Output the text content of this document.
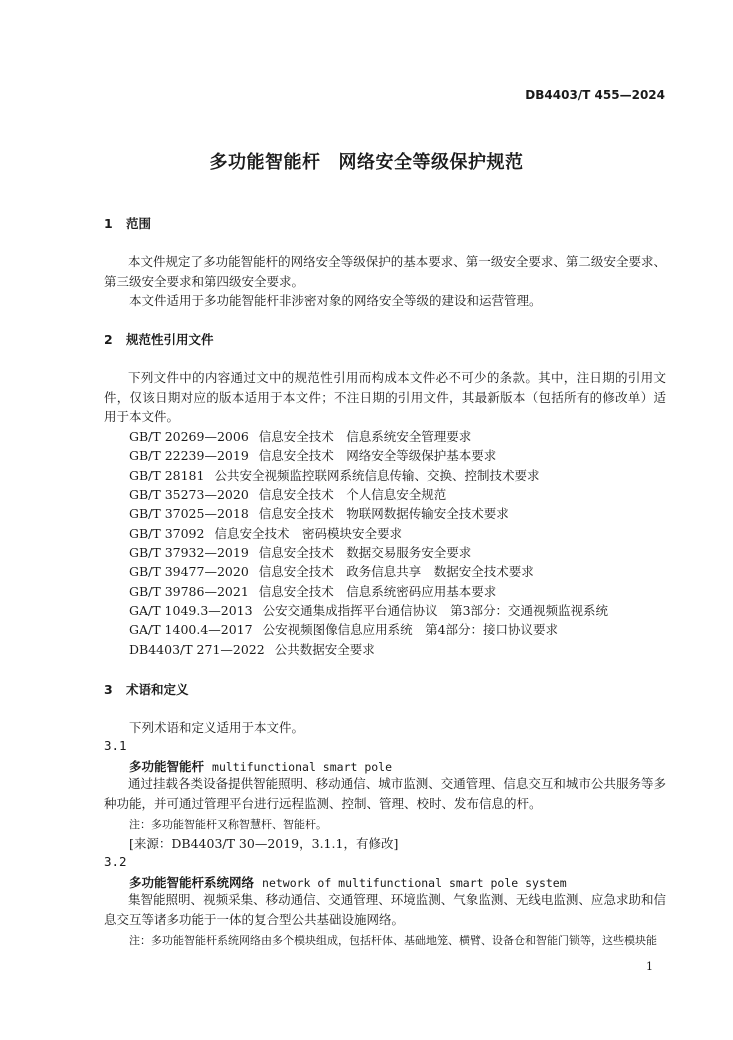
DB4403/T 455—2024
多功能智能杆 网络安全等级保护规范
1 范围

本文件规定了多功能智能杆的网络安全等级保护的基本要求、第一级安全要求、第二级安全要求、第三级安全要求和第四级安全要求。

本文件适用于多功能智能杆非涉密对象的网络安全等级的建设和运营管理。

2 规范性引用文件

下列文件中的内容通过文中的规范性引用而构成本文件必不可少的条款。其中，注日期的引用文件，仅该日期对应的版本适用于本文件；不注日期的引用文件，其最新版本（包括所有的修改单）适用于本文件。

GB/T 20269—2006 信息安全技术　信息系统安全管理要求
GB/T 22239—2019 信息安全技术　网络安全等级保护基本要求
GB/T 28181 公共安全视频监控联网系统信息传输、交换、控制技术要求
GB/T 35273—2020 信息安全技术　个人信息安全规范
GB/T 37025—2018 信息安全技术　物联网数据传输安全技术要求
GB/T 37092 信息安全技术　密码模块安全要求
GB/T 37932—2019 信息安全技术　数据交易服务安全要求
GB/T 39477—2020 信息安全技术　政务信息共享　数据安全技术要求
GB/T 39786—2021 信息安全技术　信息系统密码应用基本要求
GA/T 1049.3—2013 公安交通集成指挥平台通信协议　第3部分：交通视频监视系统
GA/T 1400.4—2017 公安视频图像信息应用系统　第4部分：接口协议要求
DB4403/T 271—2022 公共数据安全要求
3 术语和定义
下列术语和定义适用于本文件。
3.1
多功能智能杆 multifunctional smart pole

通过挂载各类设备提供智能照明、移动通信、城市监测、交通管理、信息交互和城市公共服务等多种功能，并可通过管理平台进行远程监测、控制、管理、校时、发布信息的杆。

注：多功能智能杆又称智慧杆、智能杆。
[来源：DB4403/T 30—2019，3.1.1，有修改]
3.2
多功能智能杆系统网络 network of multifunctional smart pole system

集智能照明、视频采集、移动通信、交通管理、环境监测、气象监测、无线电监测、应急求助和信息交互等诸多功能于一体的复合型公共基础设施网络。

注：多功能智能杆系统网络由多个模块组成，包括杆体、基础地笼、横臂、设备仓和智能门锁等，这些模块能
1
